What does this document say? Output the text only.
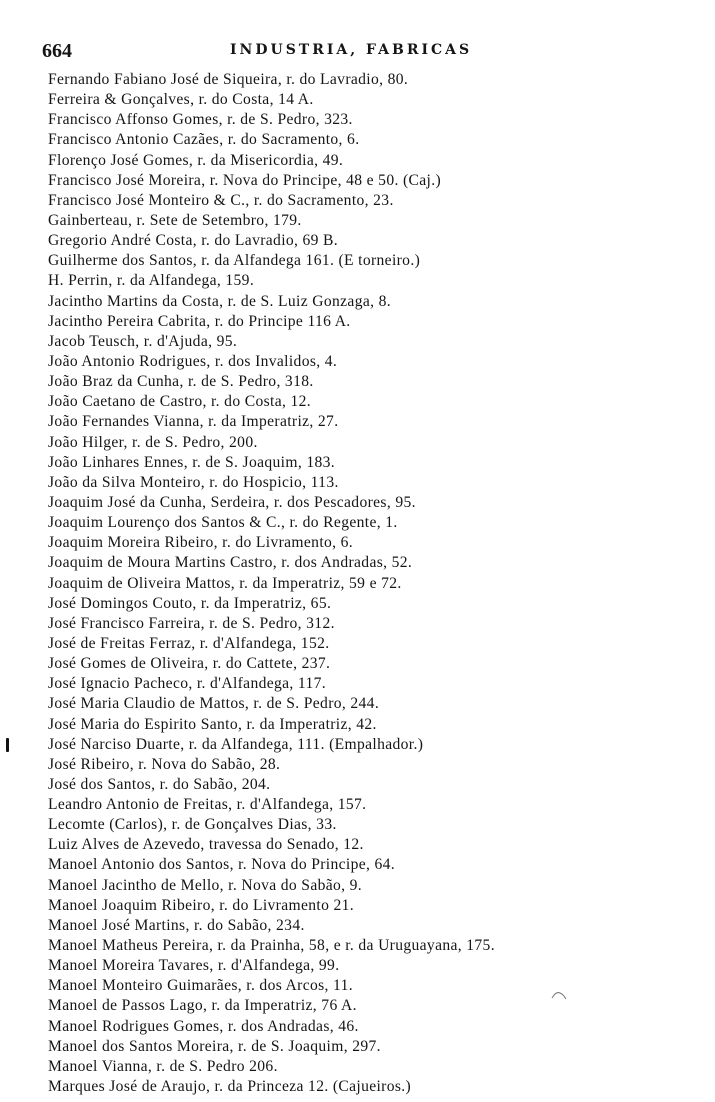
664	INDUSTRIA, FABRICAS
Fernando Fabiano José de Siqueira, r. do Lavradio, 80.
Ferreira & Gonçalves, r. do Costa, 14 A.
Francisco Affonso Gomes, r. de S. Pedro, 323.
Francisco Antonio Cazães, r. do Sacramento, 6.
Florenço José Gomes, r. da Misericordia, 49.
Francisco José Moreira, r. Nova do Principe, 48 e 50. (Caj.)
Francisco José Monteiro & C., r. do Sacramento, 23.
Gainberteau, r. Sete de Setembro, 179.
Gregorio André Costa, r. do Lavradio, 69 B.
Guilherme dos Santos, r. da Alfandega 161. (E torneiro.)
H. Perrin, r. da Alfandega, 159.
Jacintho Martins da Costa, r. de S. Luiz Gonzaga, 8.
Jacintho Pereira Cabrita, r. do Principe 116 A.
Jacob Teusch, r. d'Ajuda, 95.
João Antonio Rodrigues, r. dos Invalidos, 4.
João Braz da Cunha, r. de S. Pedro, 318.
João Caetano de Castro, r. do Costa, 12.
João Fernandes Vianna, r. da Imperatriz, 27.
João Hilger, r. de S. Pedro, 200.
João Linhares Ennes, r. de S. Joaquim, 183.
João da Silva Monteiro, r. do Hospicio, 113.
Joaquim José da Cunha, Serdeira, r. dos Pescadores, 95.
Joaquim Lourenço dos Santos & C., r. do Regente, 1.
Joaquim Moreira Ribeiro, r. do Livramento, 6.
Joaquim de Moura Martins Castro, r. dos Andradas, 52.
Joaquim de Oliveira Mattos, r. da Imperatriz, 59 e 72.
José Domingos Couto, r. da Imperatriz, 65.
José Francisco Farreira, r. de S. Pedro, 312.
José de Freitas Ferraz, r. d'Alfandega, 152.
José Gomes de Oliveira, r. do Cattete, 237.
José Ignacio Pacheco, r. d'Alfandega, 117.
José Maria Claudio de Mattos, r. de S. Pedro, 244.
José Maria do Espirito Santo, r. da Imperatriz, 42.
José Narciso Duarte, r. da Alfandega, 111. (Empalhador.)
José Ribeiro, r. Nova do Sabão, 28.
José dos Santos, r. do Sabão, 204.
Leandro Antonio de Freitas, r. d'Alfandega, 157.
Lecomte (Carlos), r. de Gonçalves Dias, 33.
Luiz Alves de Azevedo, travessa do Senado, 12.
Manoel Antonio dos Santos, r. Nova do Principe, 64.
Manoel Jacintho de Mello, r. Nova do Sabão, 9.
Manoel Joaquim Ribeiro, r. do Livramento 21.
Manoel José Martins, r. do Sabão, 234.
Manoel Matheus Pereira, r. da Prainha, 58, e r. da Uruguayana, 175.
Manoel Moreira Tavares, r. d'Alfandega, 99.
Manoel Monteiro Guimarães, r. dos Arcos, 11.
Manoel de Passos Lago, r. da Imperatriz, 76 A.
Manoel Rodrigues Gomes, r. dos Andradas, 46.
Manoel dos Santos Moreira, r. de S. Joaquim, 297.
Manoel Vianna, r. de S. Pedro 206.
Marques José de Araujo, r. da Princeza 12. (Cajueiros.)
